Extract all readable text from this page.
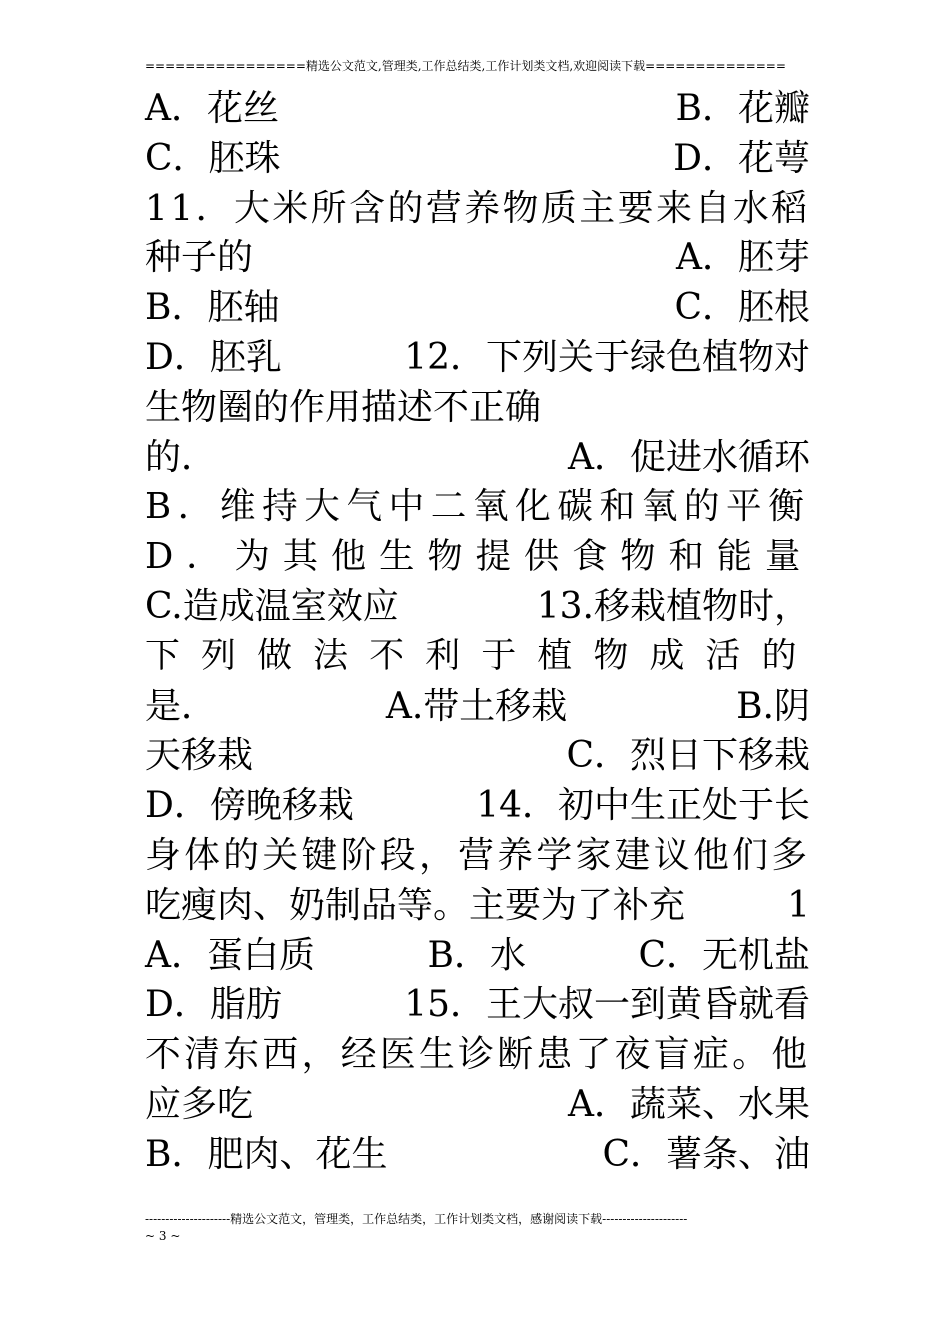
================精选公文范文,管理类,工作总结类,工作计划类文档,欢迎阅读下载==============
A．花丝	B．花瓣
C．胚珠	D．花萼
11．大米所含的营养物质主要来自水稻
种子的	A．胚芽
B．胚轴	C．胚根
D．胚乳	12．下列关于绿色植物对
生物圈的作用描述不正确
的．	A．促进水循环
B．维持大气中二氧化碳和氧的平衡
D．为其他生物提供食物和能量
C.造成温室效应	13.移栽植物时，
下列做法不利于植物成活的
是．	A.带土移栽	B.阴
天移栽	C．烈日下移栽
D．傍晚移栽	14．初中生正处于长
身体的关键阶段，营养学家建议他们多
吃瘦肉、奶制品等。主要为了补充	1
A．蛋白质	B．水	C．无机盐
D．脂肪	15．王大叔一到黄昏就看
不清东西，经医生诊断患了夜盲症。他
应多吃	A．蔬菜、水果
B．肥肉、花生	C．薯条、油
---------------------精选公文范文，管理类，工作总结类，工作计划类文档，感谢阅读下载---------------------
~ 3 ~
